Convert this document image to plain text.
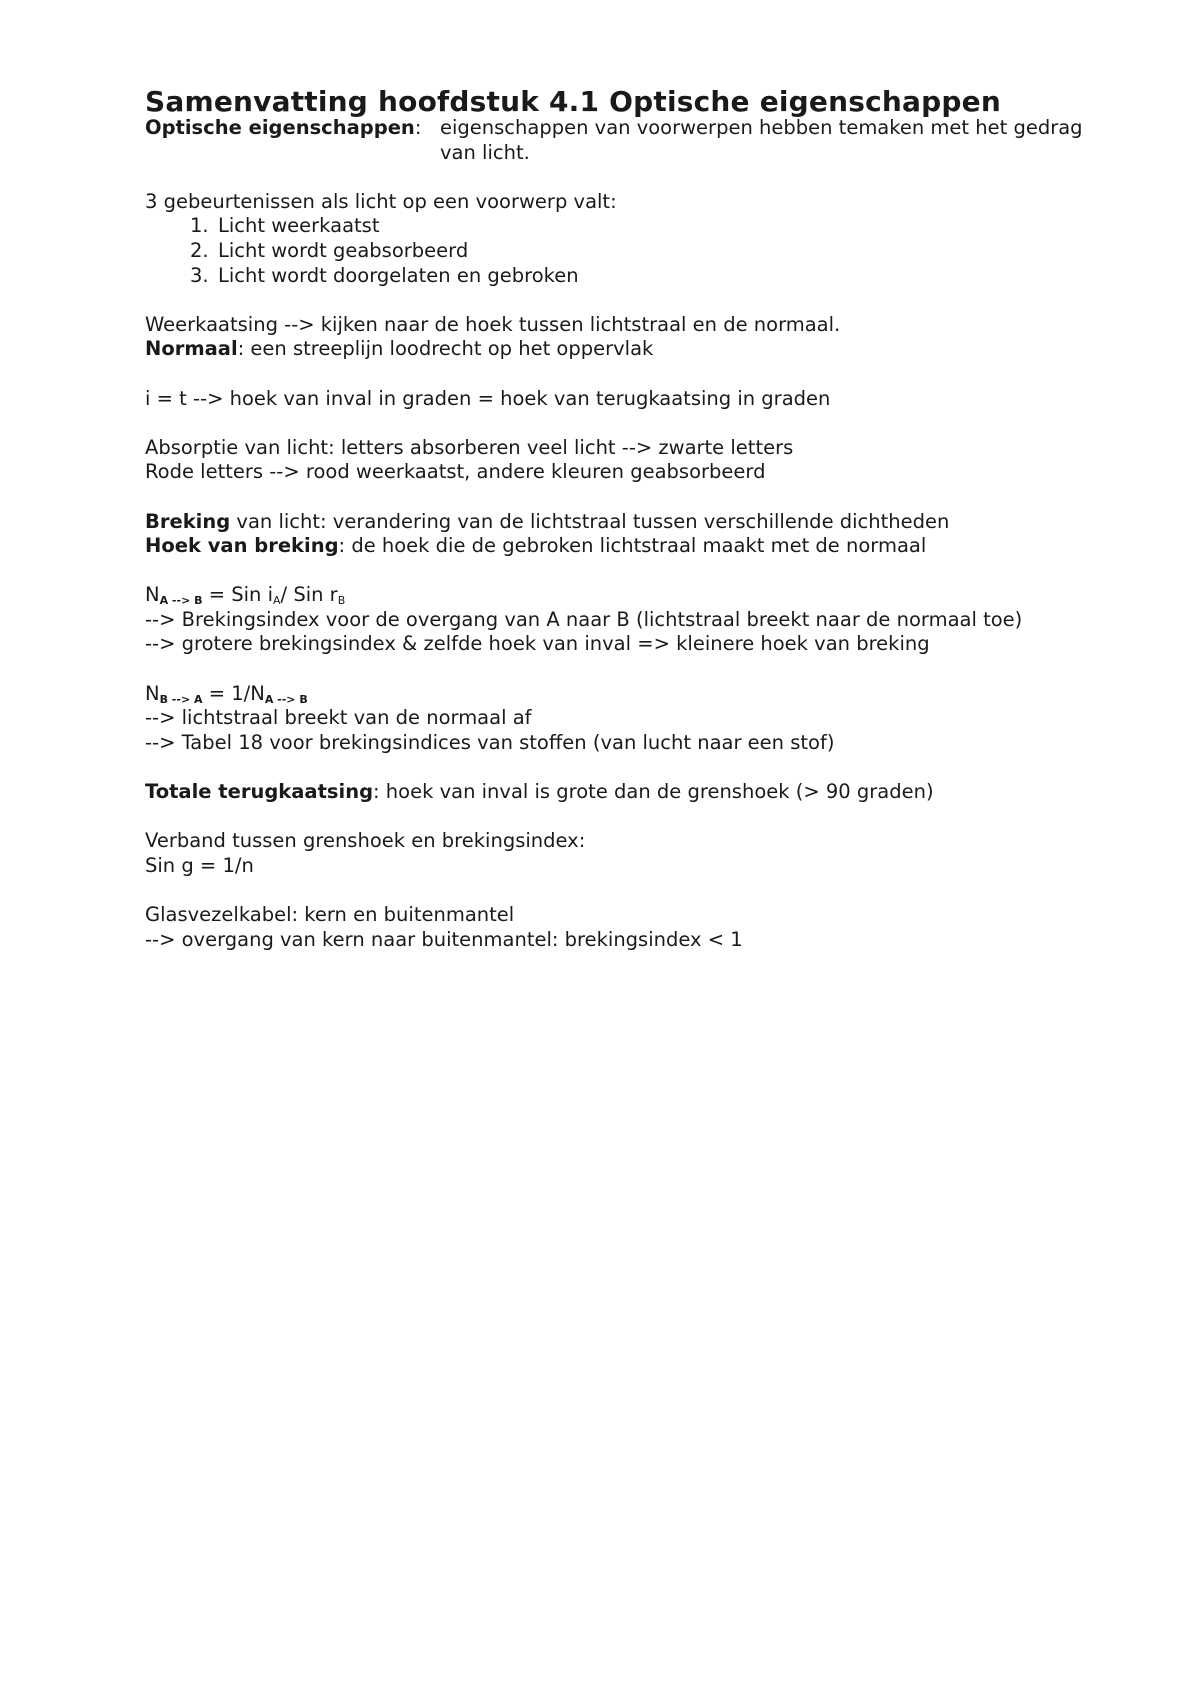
Samenvatting hoofdstuk 4.1 Optische eigenschappen
Optische eigenschappen: eigenschappen van voorwerpen hebben temaken met het gedrag van licht.
3 gebeurtenissen als licht op een voorwerp valt:
1. Licht weerkaatst
2. Licht wordt geabsorbeerd
3. Licht wordt doorgelaten en gebroken
Weerkaatsing --> kijken naar de hoek tussen lichtstraal en de normaal.
Normaal: een streeplijn loodrecht op het oppervlak
i = t --> hoek van inval in graden = hoek van terugkaatsing in graden
Absorptie van licht: letters absorberen veel licht --> zwarte letters
Rode letters --> rood weerkaatst, andere kleuren geabsorbeerd
Breking van licht: verandering van de lichtstraal tussen verschillende dichtheden
Hoek van breking: de hoek die de gebroken lichtstraal maakt met de normaal
$N_{A --> B}$ = Sin iA/ Sin rB
--> Brekingsindex voor de overgang van A naar B (lichtstraal breekt naar de normaal toe)
--> grotere brekingsindex & zelfde hoek van inval => kleinere hoek van breking
$N_{B --> A} = 1/N_{A --> B}$
--> lichtstraal breekt van de normaal af
--> Tabel 18 voor brekingsindices van stoffen (van lucht naar een stof)
Totale terugkaatsing: hoek van inval is grote dan de grenshoek (> 90 graden)
Verband tussen grenshoek en brekingsindex:
Sin g = 1/n
Glasvezelkabel: kern en buitenmantel
--> overgang van kern naar buitenmantel: brekingsindex < 1
